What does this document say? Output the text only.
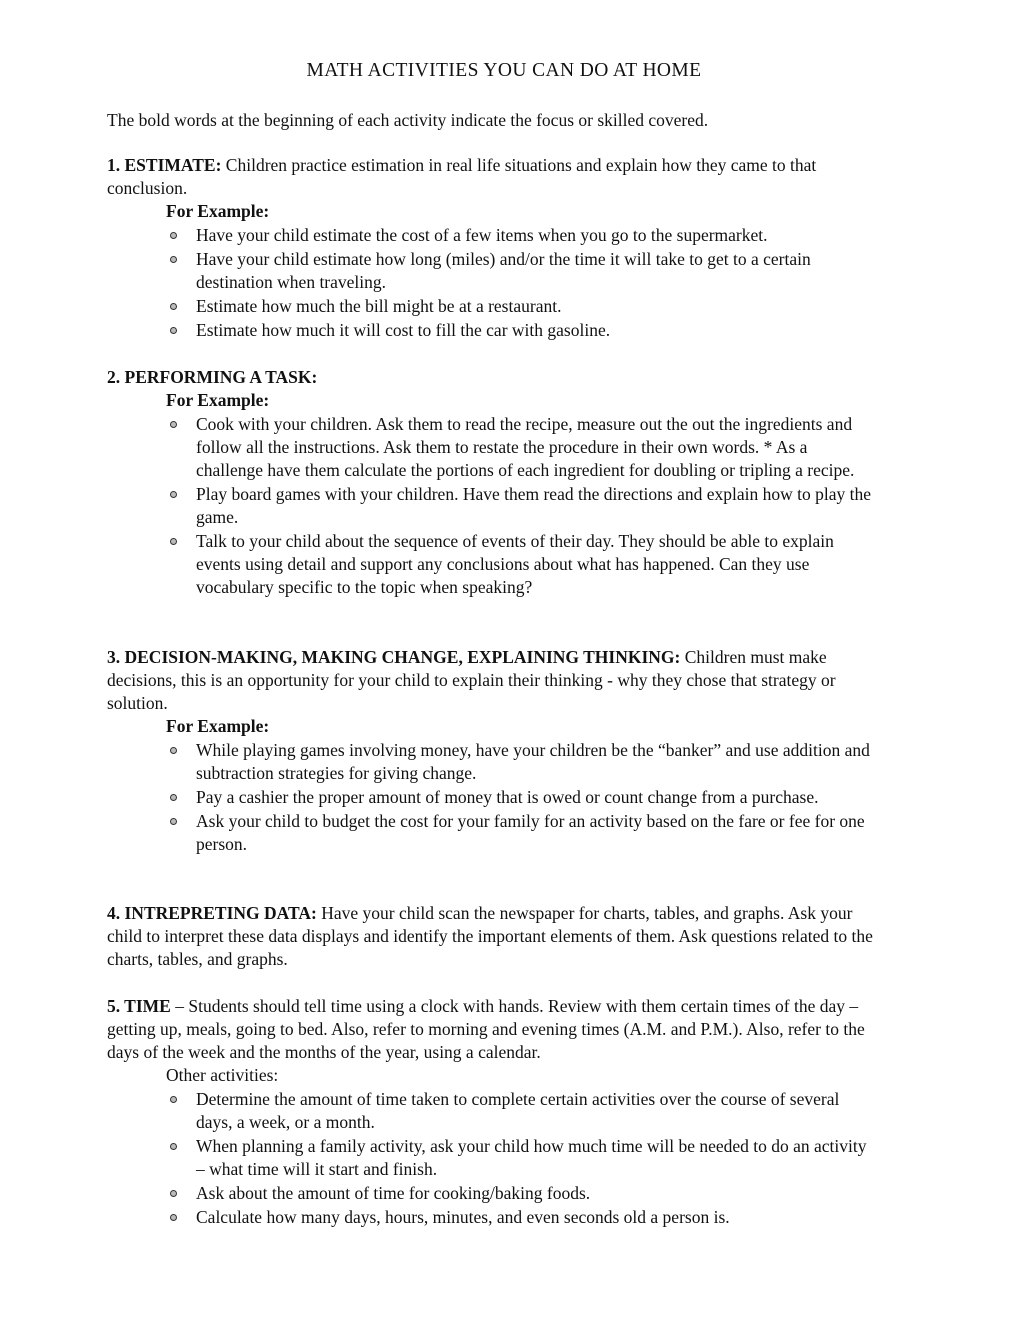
MATH ACTIVITIES YOU CAN DO AT HOME

The bold words at the beginning of each activity indicate the focus or skilled covered.

1. ESTIMATE: Children practice estimation in real life situations and explain how they came to that conclusion.

For Example:

Have your child estimate the cost of a few items when you go to the supermarket.
Have your child estimate how long (miles) and/or the time it will take to get to a certain destination when traveling.
Estimate how much the bill might be at a restaurant.
Estimate how much it will cost to fill the car with gasoline.

2. PERFORMING A TASK:

For Example:

Cook with your children. Ask them to read the recipe, measure out the out the ingredients and follow all the instructions. Ask them to restate the procedure in their own words. * As a challenge have them calculate the portions of each ingredient for doubling or tripling a recipe.
Play board games with your children. Have them read the directions and explain how to play the game.
Talk to your child about the sequence of events of their day. They should be able to explain events using detail and support any conclusions about what has happened. Can they use vocabulary specific to the topic when speaking?

3. DECISION-MAKING, MAKING CHANGE, EXPLAINING THINKING: Children must make decisions, this is an opportunity for your child to explain their thinking - why they chose that strategy or solution.

For Example:

While playing games involving money, have your children be the “banker” and use addition and subtraction strategies for giving change.
Pay a cashier the proper amount of money that is owed or count change from a purchase.
Ask your child to budget the cost for your family for an activity based on the fare or fee for one person.

4. INTREPRETING DATA: Have your child scan the newspaper for charts, tables, and graphs. Ask your child to interpret these data displays and identify the important elements of them. Ask questions related to the charts, tables, and graphs.

5. TIME – Students should tell time using a clock with hands. Review with them certain times of the day – getting up, meals, going to bed. Also, refer to morning and evening times (A.M. and P.M.). Also, refer to the days of the week and the months of the year, using a calendar.

Other activities:

Determine the amount of time taken to complete certain activities over the course of several days, a week, or a month.
When planning a family activity, ask your child how much time will be needed to do an activity – what time will it start and finish.
Ask about the amount of time for cooking/baking foods.
Calculate how many days, hours, minutes, and even seconds old a person is.
